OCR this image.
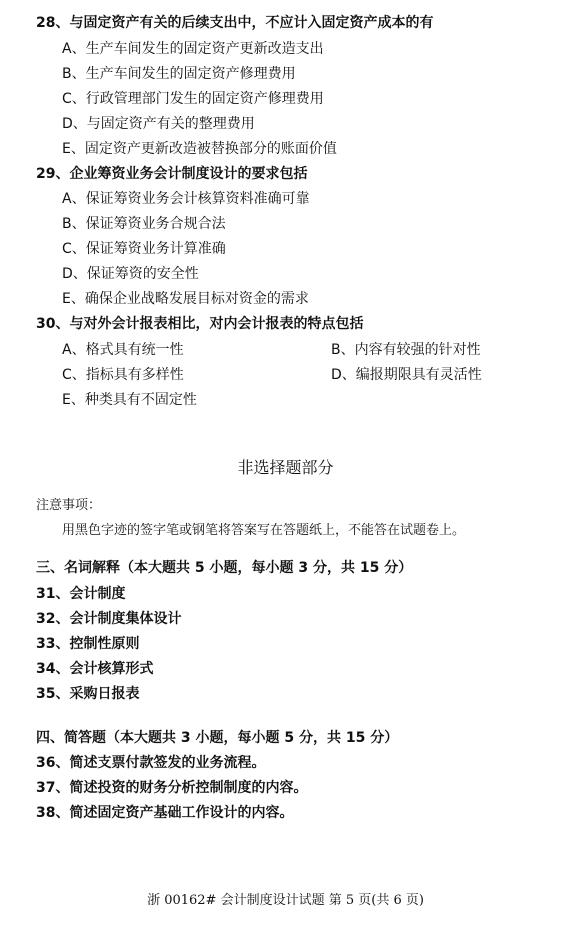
28、与固定资产有关的后续支出中，不应计入固定资产成本的有
A、生产车间发生的固定资产更新改造支出
B、生产车间发生的固定资产修理费用
C、行政管理部门发生的固定资产修理费用
D、与固定资产有关的整理费用
E、固定资产更新改造被替换部分的账面价值
29、企业筹资业务会计制度设计的要求包括
A、保证筹资业务会计核算资料准确可靠
B、保证筹资业务合规合法
C、保证筹资业务计算准确
D、保证筹资的安全性
E、确保企业战略发展目标对资金的需求
30、与对外会计报表相比，对内会计报表的特点包括
A、格式具有统一性	B、内容有较强的针对性
C、指标具有多样性	D、编报期限具有灵活性
E、种类具有不固定性
非选择题部分
注意事项：
用黑色字迹的签字笔或钢笔将答案写在答题纸上，不能答在试题卷上。
三、名词解释（本大题共 5 小题，每小题 3 分，共 15 分）
31、会计制度
32、会计制度集体设计
33、控制性原则
34、会计核算形式
35、采购日报表
四、简答题（本大题共 3 小题，每小题 5 分，共 15 分）
36、简述支票付款签发的业务流程。
37、简述投资的财务分析控制制度的内容。
38、简述固定资产基础工作设计的内容。
浙 00162# 会计制度设计试题 第 5 页(共 6 页)
